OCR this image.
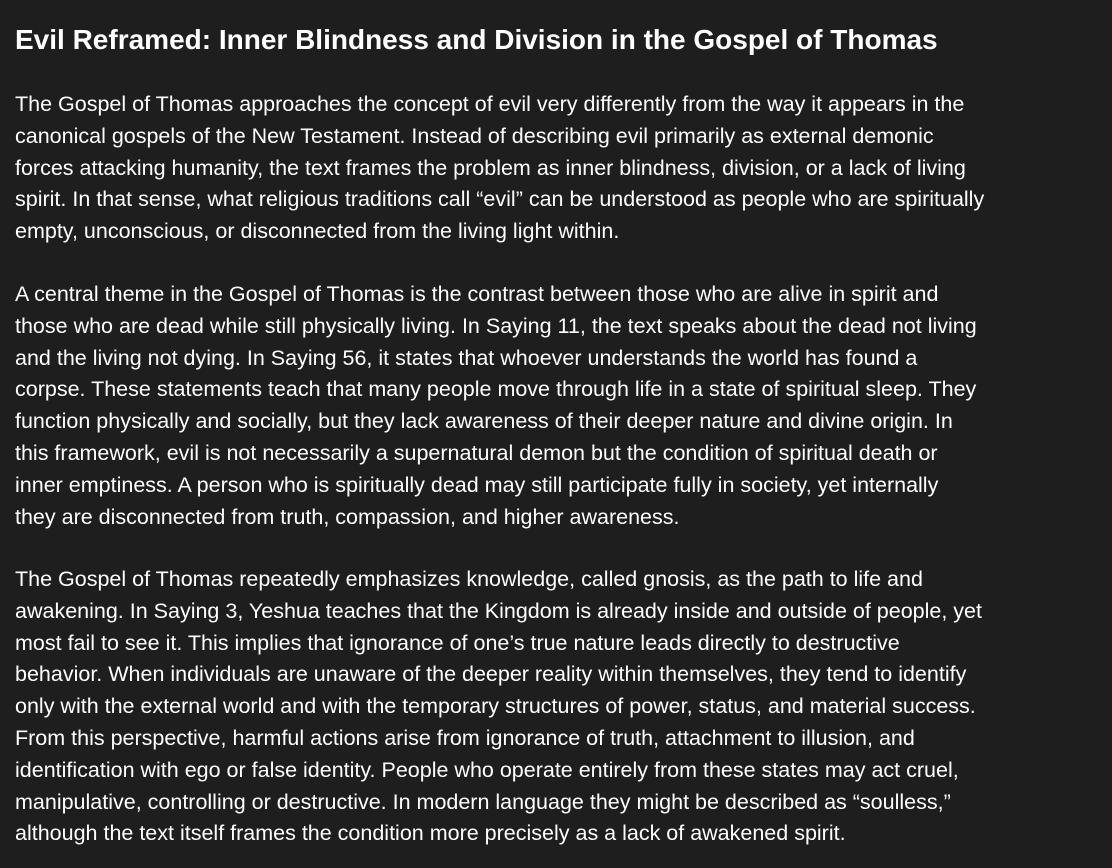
Evil Reframed: Inner Blindness and Division in the Gospel of Thomas

The Gospel of Thomas approaches the concept of evil very differently from the way it appears in the
canonical gospels of the New Testament. Instead of describing evil primarily as external demonic
forces attacking humanity, the text frames the problem as inner blindness, division, or a lack of living
spirit. In that sense, what religious traditions call “evil” can be understood as people who are spiritually
empty, unconscious, or disconnected from the living light within.

A central theme in the Gospel of Thomas is the contrast between those who are alive in spirit and
those who are dead while still physically living. In Saying 11, the text speaks about the dead not living
and the living not dying. In Saying 56, it states that whoever understands the world has found a
corpse. These statements teach that many people move through life in a state of spiritual sleep. They
function physically and socially, but they lack awareness of their deeper nature and divine origin. In
this framework, evil is not necessarily a supernatural demon but the condition of spiritual death or
inner emptiness. A person who is spiritually dead may still participate fully in society, yet internally
they are disconnected from truth, compassion, and higher awareness.

The Gospel of Thomas repeatedly emphasizes knowledge, called gnosis, as the path to life and
awakening. In Saying 3, Yeshua teaches that the Kingdom is already inside and outside of people, yet
most fail to see it. This implies that ignorance of one’s true nature leads directly to destructive
behavior. When individuals are unaware of the deeper reality within themselves, they tend to identify
only with the external world and with the temporary structures of power, status, and material success.
From this perspective, harmful actions arise from ignorance of truth, attachment to illusion, and
identification with ego or false identity. People who operate entirely from these states may act cruel,
manipulative, controlling or destructive. In modern language they might be described as “soulless,”
although the text itself frames the condition more precisely as a lack of awakened spirit.
